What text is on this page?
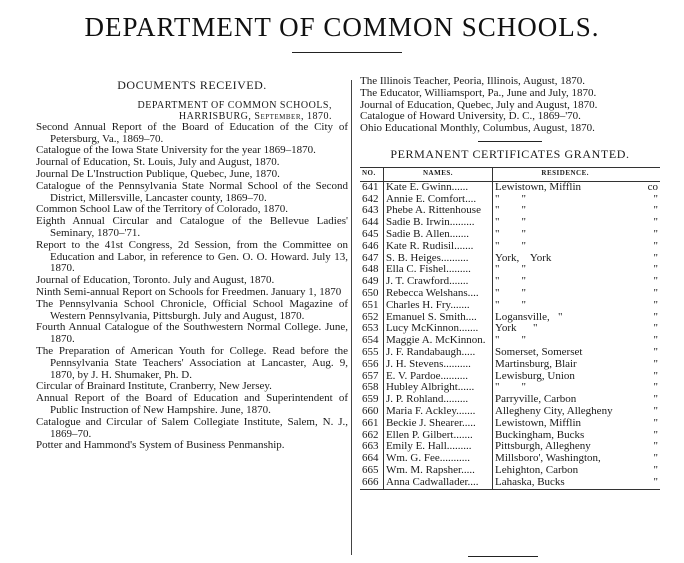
DEPARTMENT OF COMMON SCHOOLS.
DOCUMENTS RECEIVED.
DEPARTMENT OF COMMON SCHOOLS,
HARRISBURG, September, 1870.
Second Annual Report of the Board of Education of the City of Petersburg, Va., 1869–70.
Catalogue of the Iowa State University for the year 1869–1870.
Journal of Education, St. Louis, July and August, 1870.
Journal De L'Instruction Publique, Quebec, June, 1870.
Catalogue of the Pennsylvania State Normal School of the Second District, Millersville, Lancaster county, 1869–70.
Common School Law of the Territory of Colorado, 1870.
Eighth Annual Circular and Catalogue of the Bellevue Ladies' Seminary, 1870–'71.
Report to the 41st Congress, 2d Session, from the Committee on Education and Labor, in reference to Gen. O. O. Howard. July 13, 1870.
Journal of Education, Toronto. July and August, 1870.
Ninth Semi-annual Report on Schools for Freedmen. January 1, 1870
The Pennsylvania School Chronicle, Official School Magazine of Western Pennsylvania, Pittsburgh. July and August, 1870.
Fourth Annual Catalogue of the Southwestern Normal College. June, 1870.
The Preparation of American Youth for College. Read before the Pennsylvania State Teachers' Association at Lancaster, Aug. 9, 1870, by J. H. Shumaker, Ph. D.
Circular of Brainard Institute, Cranberry, New Jersey.
Annual Report of the Board of Education and Superintendent of Public Instruction of New Hampshire. June, 1870.
Catalogue and Circular of Salem Collegiate Institute, Salem, N. J., 1869–70.
Potter and Hammond's System of Business Penmanship.
The Illinois Teacher, Peoria, Illinois, August, 1870.
The Educator, Williamsport, Pa., June and July, 1870.
Journal of Education, Quebec, July and August, 1870.
Catalogue of Howard University, D. C., 1869–'70.
Ohio Educational Monthly, Columbus, August, 1870.
PERMANENT CERTIFICATES GRANTED.
NO.	NAMES.	RESIDENCE.	
641	Kate E. Gwinn......	Lewistown, Mifflin	co
642	Annie E. Comfort....	"        "	"
643	Phebe A. Rittenhouse	"        "	"
644	Sadie B. Irwin.........	"        "	"
645	Sadie B. Allen.......	"        "	"
646	Kate R. Rudisil.......	"        "	"
647	S. B. Heiges..........	York,    York	"
648	Ella C. Fishel.........	"        "	"
649	J. T. Crawford.......	"        "	"
650	Rebecca Welshans....	"        "	"
651	Charles H. Fry.......	"        "	"
652	Emanuel S. Smith....	Logansville,   "	"
653	Lucy McKinnon.......	York      "	"
654	Maggie A. McKinnon.	"        "	"
655	J. F. Randabaugh.....	Somerset, Somerset	"
656	J. H. Stevens..........	Martinsburg, Blair	"
657	E. V. Pardoe..........	Lewisburg, Union	"
658	Hubley Albright......	"        "	"
659	J. P. Rohland.........	Parryville, Carbon	"
660	Maria F. Ackley.......	Allegheny City, Allegheny	"
661	Beckie J. Shearer.....	Lewistown, Mifflin	"
662	Ellen P. Gilbert.......	Buckingham, Bucks	"
663	Emily E. Hall.........	Pittsburgh, Allegheny	"
664	Wm. G. Fee...........	Millsboro', Washington,	"
665	Wm. M. Rapsher.....	Lehighton, Carbon	"
666	Anna Cadwallader....	Lahaska, Bucks	"
